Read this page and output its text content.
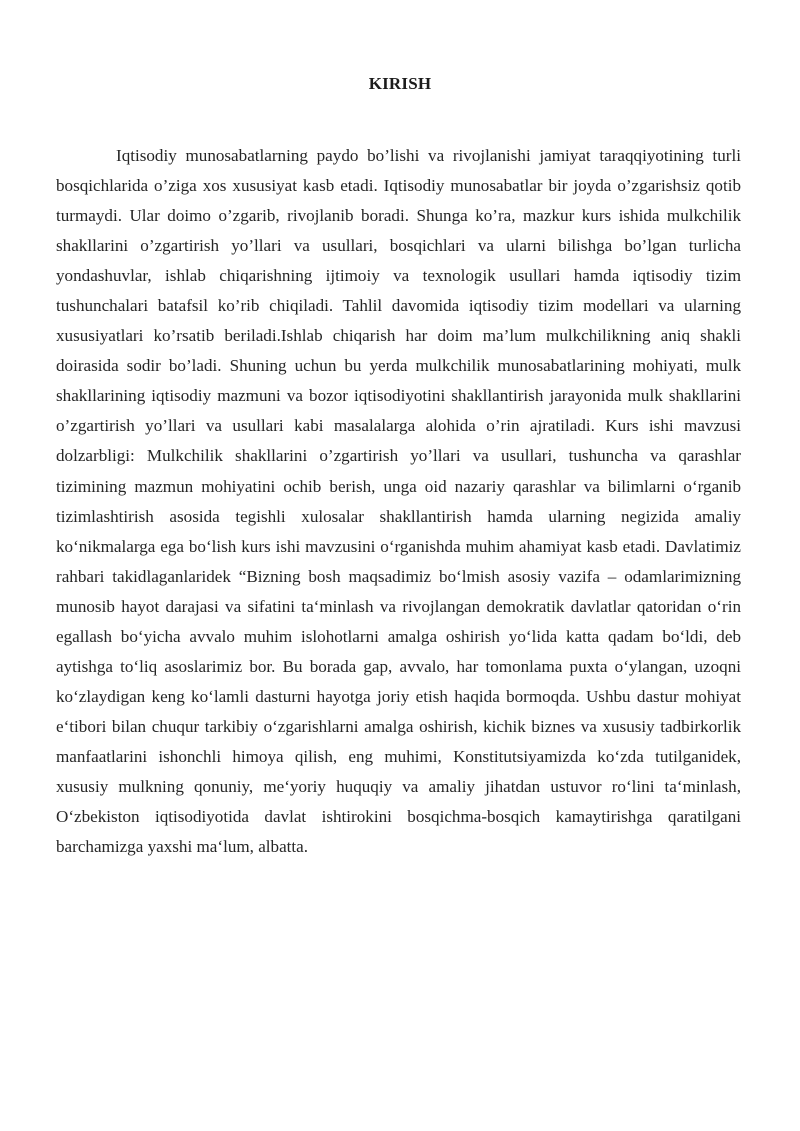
KIRISH

Iqtisodiy munosabatlarning paydo bo’lishi va rivojlanishi jamiyat taraqqiyotining turli bosqichlarida o’ziga xos xususiyat kasb etadi. Iqtisodiy munosabatlar bir joyda o’zgarishsiz qotib turmaydi. Ular doimo o’zgarib, rivojlanib boradi. Shunga ko’ra, mazkur kurs ishida mulkchilik shakllarini o’zgartirish yo’llari va usullari, bosqichlari va ularni bilishga bo’lgan turlicha yondashuvlar, ishlab chiqarishning ijtimoiy va texnologik usullari hamda iqtisodiy tizim tushunchalari batafsil ko’rib chiqiladi. Tahlil davomida iqtisodiy tizim modellari va ularning xususiyatlari ko’rsatib beriladi.Ishlab chiqarish har doim ma’lum mulkchilikning aniq shakli doirasida sodir bo’ladi. Shuning uchun bu yerda mulkchilik munosabatlarining mohiyati, mulk shakllarining iqtisodiy mazmuni va bozor iqtisodiyotini shakllantirish jarayonida mulk shakllarini o’zgartirish yo’llari va usullari kabi masalalarga alohida o’rin ajratiladi. Kurs ishi mavzusi dolzarbligi: Mulkchilik shakllarini o’zgartirish yo’llari va usullari, tushuncha va qarashlar tizimining mazmun mohiyatini ochib berish, unga oid nazariy qarashlar va bilimlarni o‘rganib tizimlashtirish asosida tegishli xulosalar shakllantirish hamda ularning negizida amaliy ko‘nikmalarga ega bo‘lish kurs ishi mavzusini o‘rganishda muhim ahamiyat kasb etadi. Davlatimiz rahbari takidlaganlaridek “Bizning bosh maqsadimiz bo‘lmish asosiy vazifa – odamlarimizning munosib hayot darajasi va sifatini ta‘minlash va rivojlangan demokratik davlatlar qatoridan o‘rin egallash bo‘yicha avvalo muhim islohotlarni amalga oshirish yo‘lida katta qadam bo‘ldi, deb aytishga to‘liq asoslarimiz bor. Bu borada gap, avvalo, har tomonlama puxta o‘ylangan, uzoqni ko‘zlaydigan keng ko‘lamli dasturni hayotga joriy etish haqida bormoqda. Ushbu dastur mohiyat e‘tibori bilan chuqur tarkibiy o‘zgarishlarni amalga oshirish, kichik biznes va xususiy tadbirkorlik manfaatlarini ishonchli himoya qilish, eng muhimi, Konstitutsiyamizda ko‘zda tutilganidek, xususiy mulkning qonuniy, me‘yoriy huquqiy va amaliy jihatdan ustuvor ro‘lini ta‘minlash, O‘zbekiston iqtisodiyotida davlat ishtirokini bosqichma-bosqich kamaytirishga qaratilgani barchamizga yaxshi ma‘lum, albatta.
